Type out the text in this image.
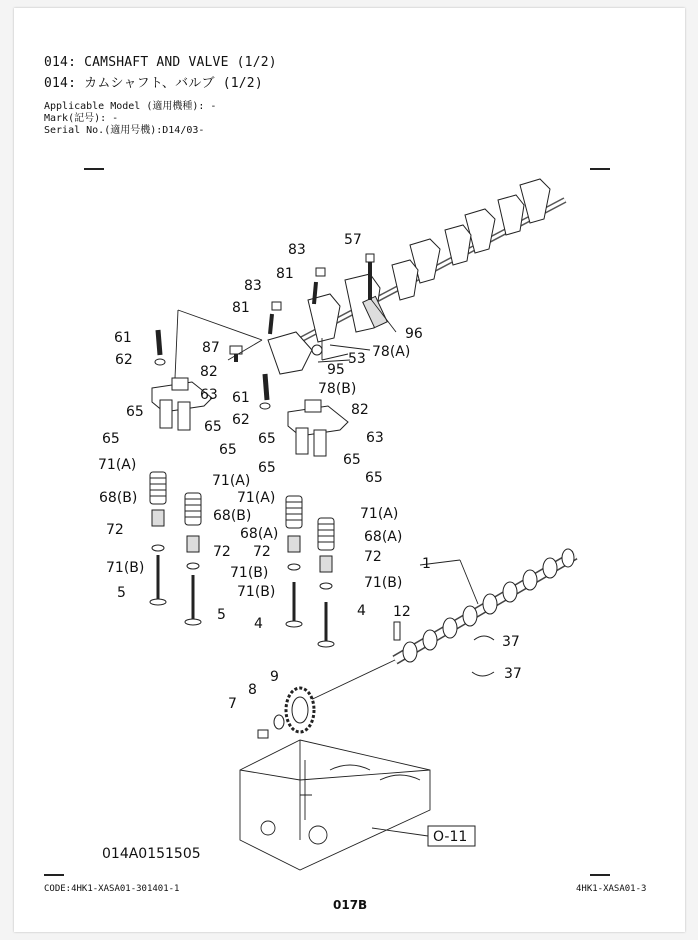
014: CAMSHAFT AND VALVE (1/2)
014: カムシャフト、バルブ (1/2)
Applicable Model (適用機種): -
Mark(記号): -
Serial No.(適用号機):D14/03-
O-11
83
57
81
83
81
96
61
87
53 78(A)
62
82	95
63	78(B)
61
82
62
65
65
65
65
63
65
65
65
65
71(A)
71(A)
71(A)
71(A)
68(B)
68(B)
68(A)	68(A)
72
72 72	72
71(B)	71(B)
71(B)
71(B)
1
5
5
4
4 12
37
37
9
8
7
014A0151505
CODE:4HK1-XASA01-301401-1	4HK1-XASA01-3
017B
